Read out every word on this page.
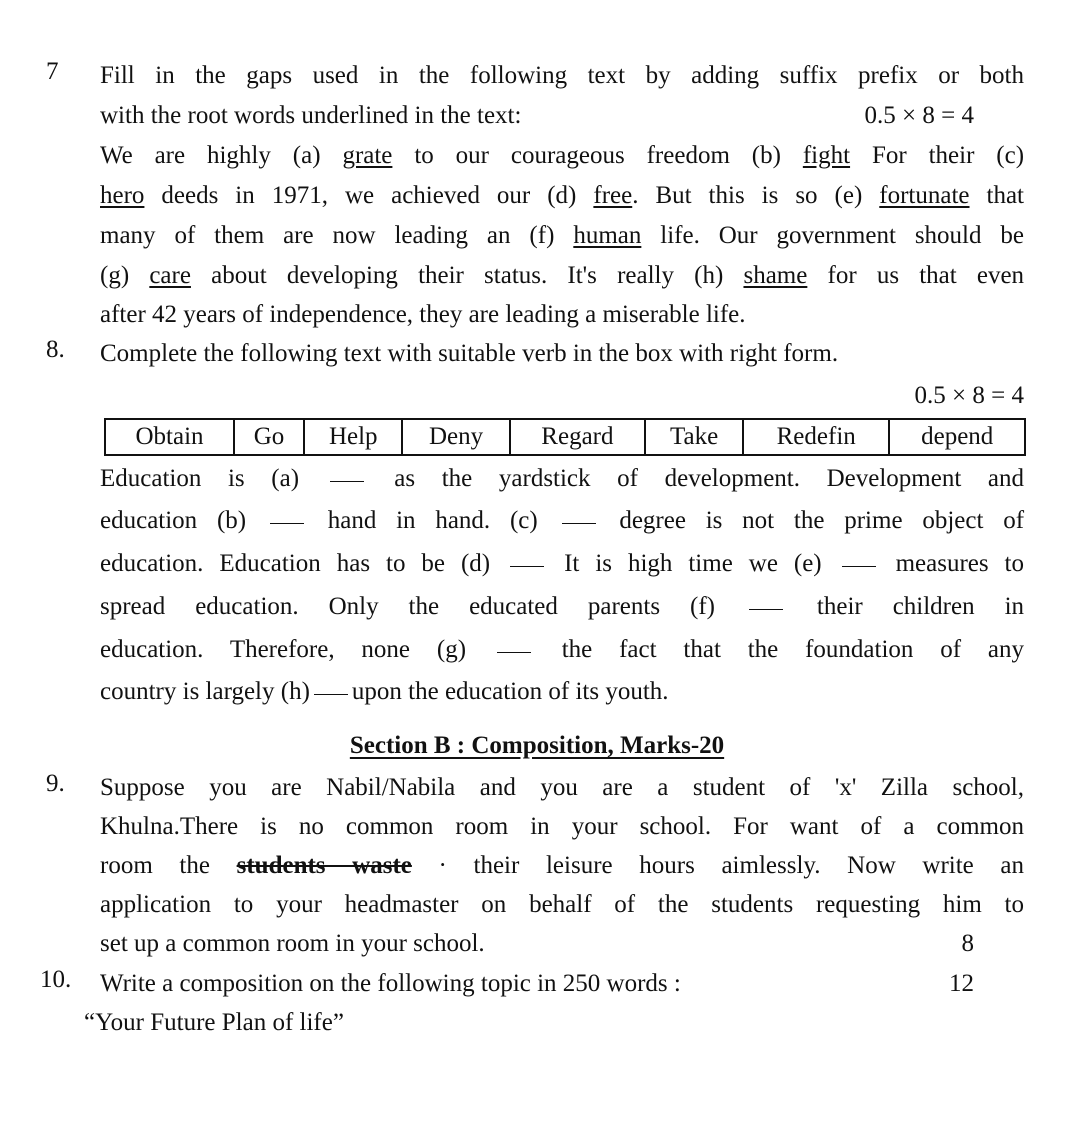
7	Fill in the gaps used in the following text by adding suffix prefix or both
with the root words underlined in the text:	0.5 × 8 = 4
We are highly (a) grate to our courageous freedom (b) fight For their (c)
hero deeds in 1971, we achieved our (d) free. But this is so (e) fortunate that
many of them are now leading an (f) human life. Our government should be
(g) care about developing their status. It's really (h) shame for us that even
after 42 years of independence, they are leading a miserable life.
8.	Complete the following text with suitable verb in the box with right form.
0.5 × 8 = 4
Obtain	Go	Help	Deny	Regard	Take	Redefin	depend
Education is (a)	as the yardstick of development. Development and
education (b)	hand in hand. (c)	degree is not the prime object of
education. Education has to be (d)	It is high time we (e)	measures to
spread education. Only the educated parents (f)	their children in
education. Therefore, none (g)	the fact that the foundation of any
country is largely (h) upon the education of its youth.
Section B : Composition, Marks-20
9.	Suppose you are Nabil/Nabila and you are a student of 'x' Zilla school,
Khulna.There is no common room in your school. For want of a common
room the students waste · their leisure hours aimlessly. Now write an
application to your headmaster on behalf of the students requesting him to
set up a common room in your school.	8
10.	Write a composition on the following topic in 250 words :	12
“Your Future Plan of life”
